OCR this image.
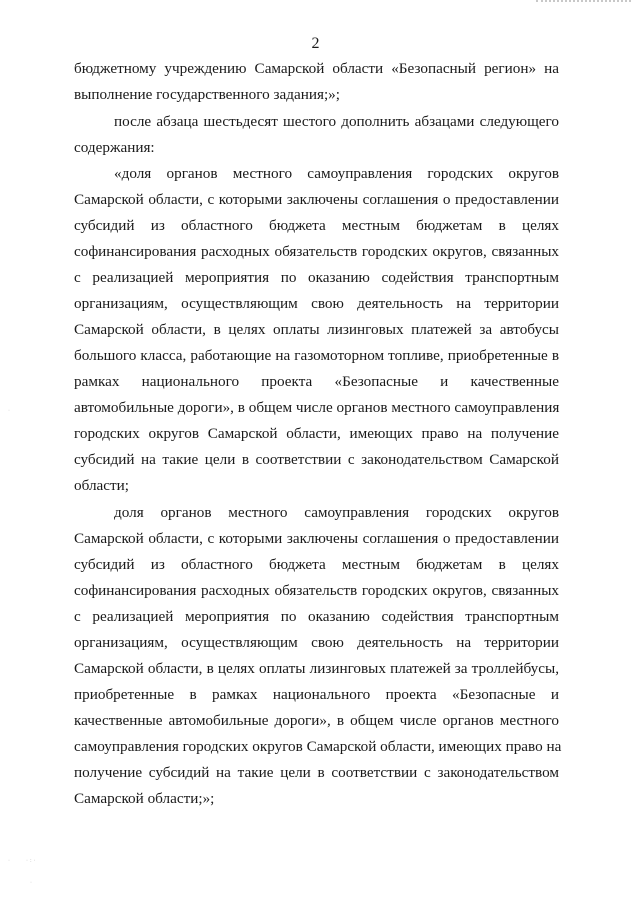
2
бюджетному учреждению Самарской области «Безопасный регион» на
выполнение государственного задания;»;
после абзаца шестьдесят шестого дополнить абзацами следующего
содержания:
«доля органов местного самоуправления городских округов
Самарской области, с которыми заключены соглашения о предоставлении
субсидий из областного бюджета местным бюджетам в целях
софинансирования расходных обязательств городских округов, связанных
с реализацией мероприятия по оказанию содействия транспортным
организациям, осуществляющим свою деятельность на территории
Самарской области, в целях оплаты лизинговых платежей за автобусы
большого класса, работающие на газомоторном топливе, приобретенные в
рамках национального проекта «Безопасные и качественные
автомобильные дороги», в общем числе органов местного самоуправления
городских округов Самарской области, имеющих право на получение
субсидий на такие цели в соответствии с законодательством Самарской
области;
доля органов местного самоуправления городских округов
Самарской области, с которыми заключены соглашения о предоставлении
субсидий из областного бюджета местным бюджетам в целях
софинансирования расходных обязательств городских округов, связанных
с реализацией мероприятия по оказанию содействия транспортным
организациям, осуществляющим свою деятельность на территории
Самарской области, в целях оплаты лизинговых платежей за троллейбусы,
приобретенные в рамках национального проекта «Безопасные и
качественные автомобильные дороги», в общем числе органов местного
самоуправления городских округов Самарской области, имеющих право на
получение субсидий на такие цели в соответствии с законодательством
Самарской области;»;
·
·:·
·
·
